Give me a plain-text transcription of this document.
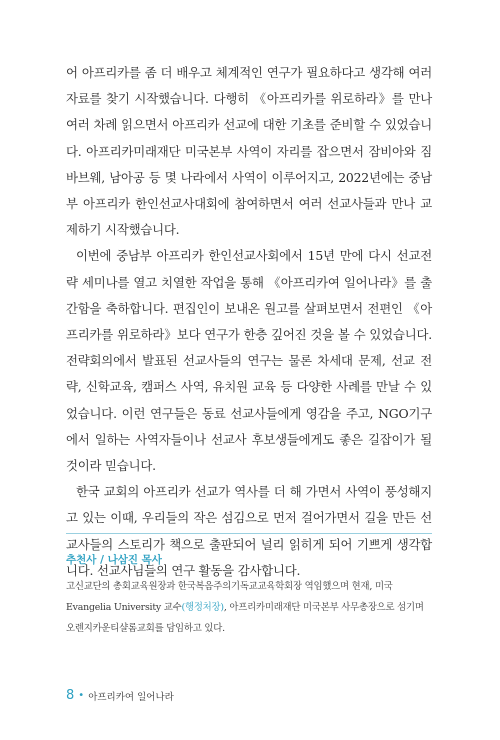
어 아프리카를 좀 더 배우고 체계적인 연구가 필요하다고 생각해 여러 자료를 찾기 시작했습니다. 다행히 《아프리카를 위로하라》를 만나 여러 차례 읽으면서 아프리카 선교에 대한 기초를 준비할 수 있었습니다. 아프리카미래재단 미국본부 사역이 자리를 잡으면서 잠비아와 짐바브웨, 남아공 등 몇 나라에서 사역이 이루어지고, 2022년에는 중남부 아프리카 한인선교사대회에 참여하면서 여러 선교사들과 만나 교제하기 시작했습니다.

이번에 중남부 아프리카 한인선교사회에서 15년 만에 다시 선교전략 세미나를 열고 치열한 작업을 통해 《아프리카여 일어나라》를 출간함을 축하합니다. 편집인이 보내온 원고를 살펴보면서 전편인 《아프리카를 위로하라》보다 연구가 한층 깊어진 것을 볼 수 있었습니다. 전략회의에서 발표된 선교사들의 연구는 물론 차세대 문제, 선교 전략, 신학교육, 캠퍼스 사역, 유치원 교육 등 다양한 사례를 만날 수 있었습니다. 이런 연구들은 동료 선교사들에게 영감을 주고, NGO기구에서 일하는 사역자들이나 선교사 후보생들에게도 좋은 길잡이가 될 것이라 믿습니다.

한국 교회의 아프리카 선교가 역사를 더 해 가면서 사역이 풍성해지고 있는 이때, 우리들의 작은 섬김으로 먼저 걸어가면서 길을 만든 선교사들의 스토리가 책으로 출판되어 널리 읽히게 되어 기쁘게 생각합니다. 선교사님들의 연구 활동을 감사합니다.

추천사 / 나삼진 목사
고신교단의 총회교육원장과 한국복음주의기독교교육학회장 역임했으며 현재, 미국 Evangelia University 교수(행정처장), 아프리카미래재단 미국본부 사무총장으로 섬기며 오렌지카운티샬롬교회를 담임하고 있다.
8 • 아프리카여 일어나라
